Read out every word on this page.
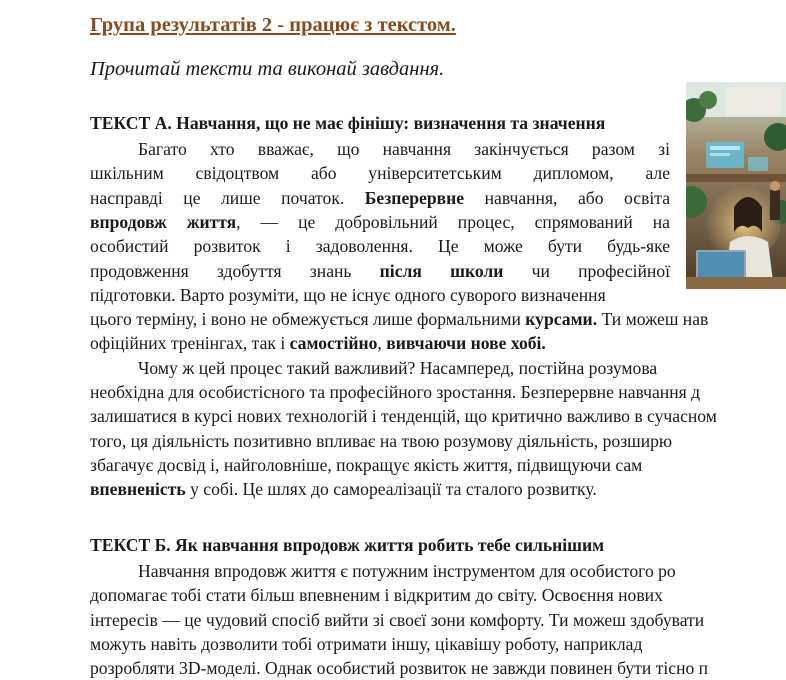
Група результатів 2 - працює з текстом.
Прочитай тексти та виконай завдання.
ТЕКСТ А. Навчання, що не має фінішу: визначення та значення
Багато хто вважає, що навчання закінчується разом зі
шкільним свідоцтвом або університетським дипломом, але
насправді це лише початок. Безперервне навчання, або освіта
впродовж життя, — це добровільний процес, спрямований на
особистий розвиток і задоволення. Це може бути будь-яке
продовження здобуття знань після школи чи професійної
підготовки. Варто розуміти, що не існує одного суворого визначення
цього терміну, і воно не обмежується лише формальними курсами. Ти можеш нав
офіційних тренінгах, так і самостійно, вивчаючи нове хобі.
Чому ж цей процес такий важливий? Насамперед, постійна розумова
необхідна для особистісного та професійного зростання. Безперервне навчання д
залишатися в курсі нових технологій і тенденцій, що критично важливо в сучасном
того, ця діяльність позитивно впливає на твою розумову діяльність, розширю
збагачує досвід і, найголовніше, покращує якість життя, підвищуючи сам
впевненість у собі. Це шлях до самореалізації та сталого розвитку.
ТЕКСТ Б. Як навчання впродовж життя робить тебе сильнішим
Навчання впродовж життя є потужним інструментом для особистого ро
допомагає тобі стати більш впевненим і відкритим до світу. Освоєння нових
інтересів — це чудовий спосіб вийти зі своєї зони комфорту. Ти можеш здобувати
можуть навіть дозволити тобі отримати іншу, цікавішу роботу, наприклад
розробляти 3D-моделі. Однак особистий розвиток не завжди повинен бути тісно п
